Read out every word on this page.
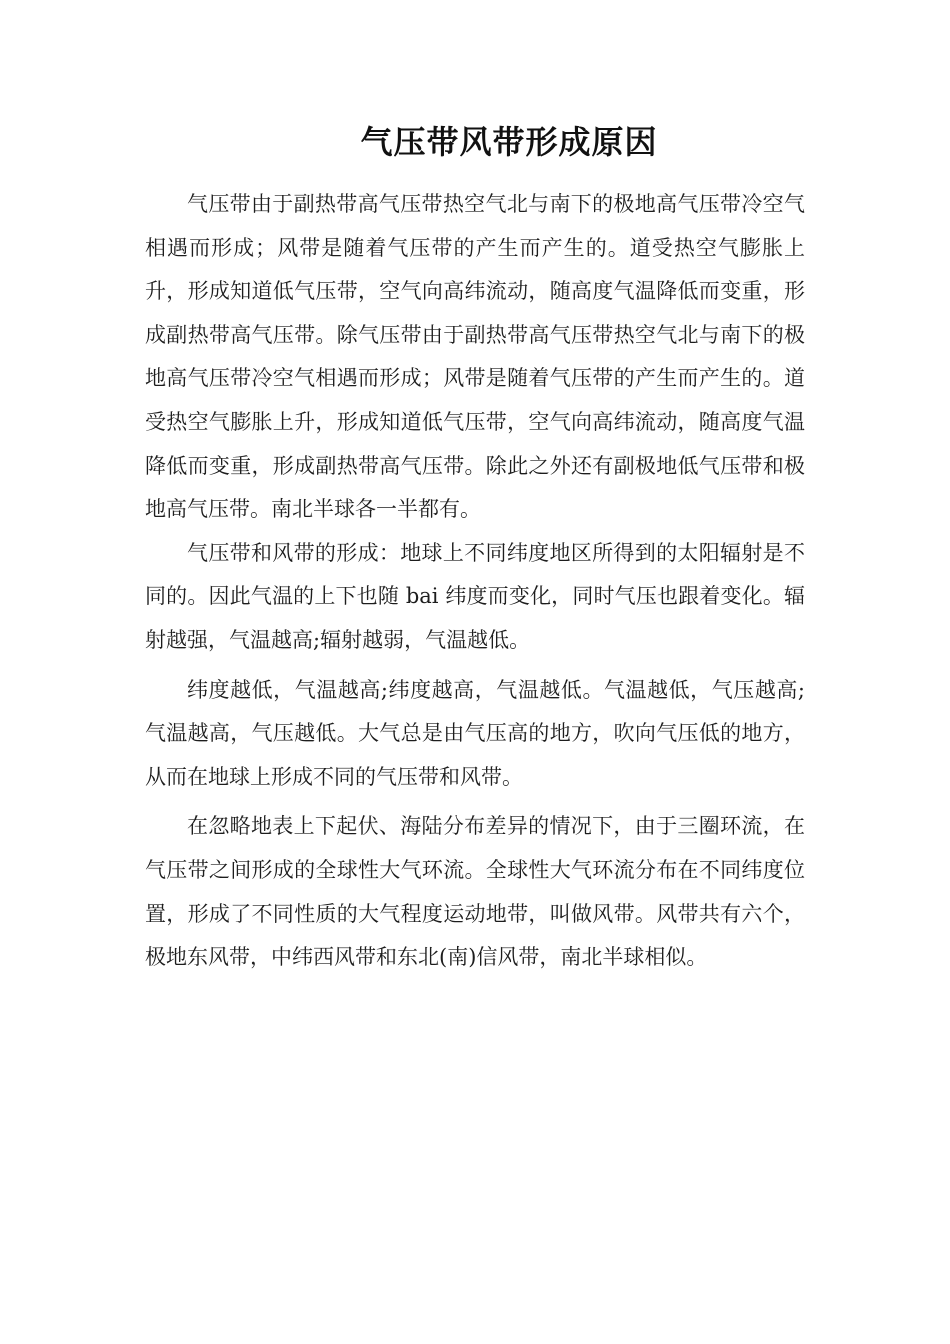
气压带风带形成原因

气压带由于副热带高气压带热空气北与南下的极地高气压带冷空气相遇而形成；风带是随着气压带的产生而产生的。道受热空气膨胀上升，形成知道低气压带，空气向高纬流动，随高度气温降低而变重，形成副热带高气压带。除气压带由于副热带高气压带热空气北与南下的极地高气压带冷空气相遇而形成；风带是随着气压带的产生而产生的。道受热空气膨胀上升，形成知道低气压带，空气向高纬流动，随高度气温降低而变重，形成副热带高气压带。除此之外还有副极地低气压带和极地高气压带。南北半球各一半都有。

气压带和风带的形成：地球上不同纬度地区所得到的太阳辐射是不同的。因此气温的上下也随 bai 纬度而变化，同时气压也跟着变化。辐射越强，气温越高;辐射越弱，气温越低。

纬度越低，气温越高;纬度越高，气温越低。气温越低，气压越高;气温越高，气压越低。大气总是由气压高的地方，吹向气压低的地方，从而在地球上形成不同的气压带和风带。

在忽略地表上下起伏、海陆分布差异的情况下，由于三圈环流，在气压带之间形成的全球性大气环流。全球性大气环流分布在不同纬度位置，形成了不同性质的大气程度运动地带，叫做风带。风带共有六个，极地东风带，中纬西风带和东北(南)信风带，南北半球相似。
